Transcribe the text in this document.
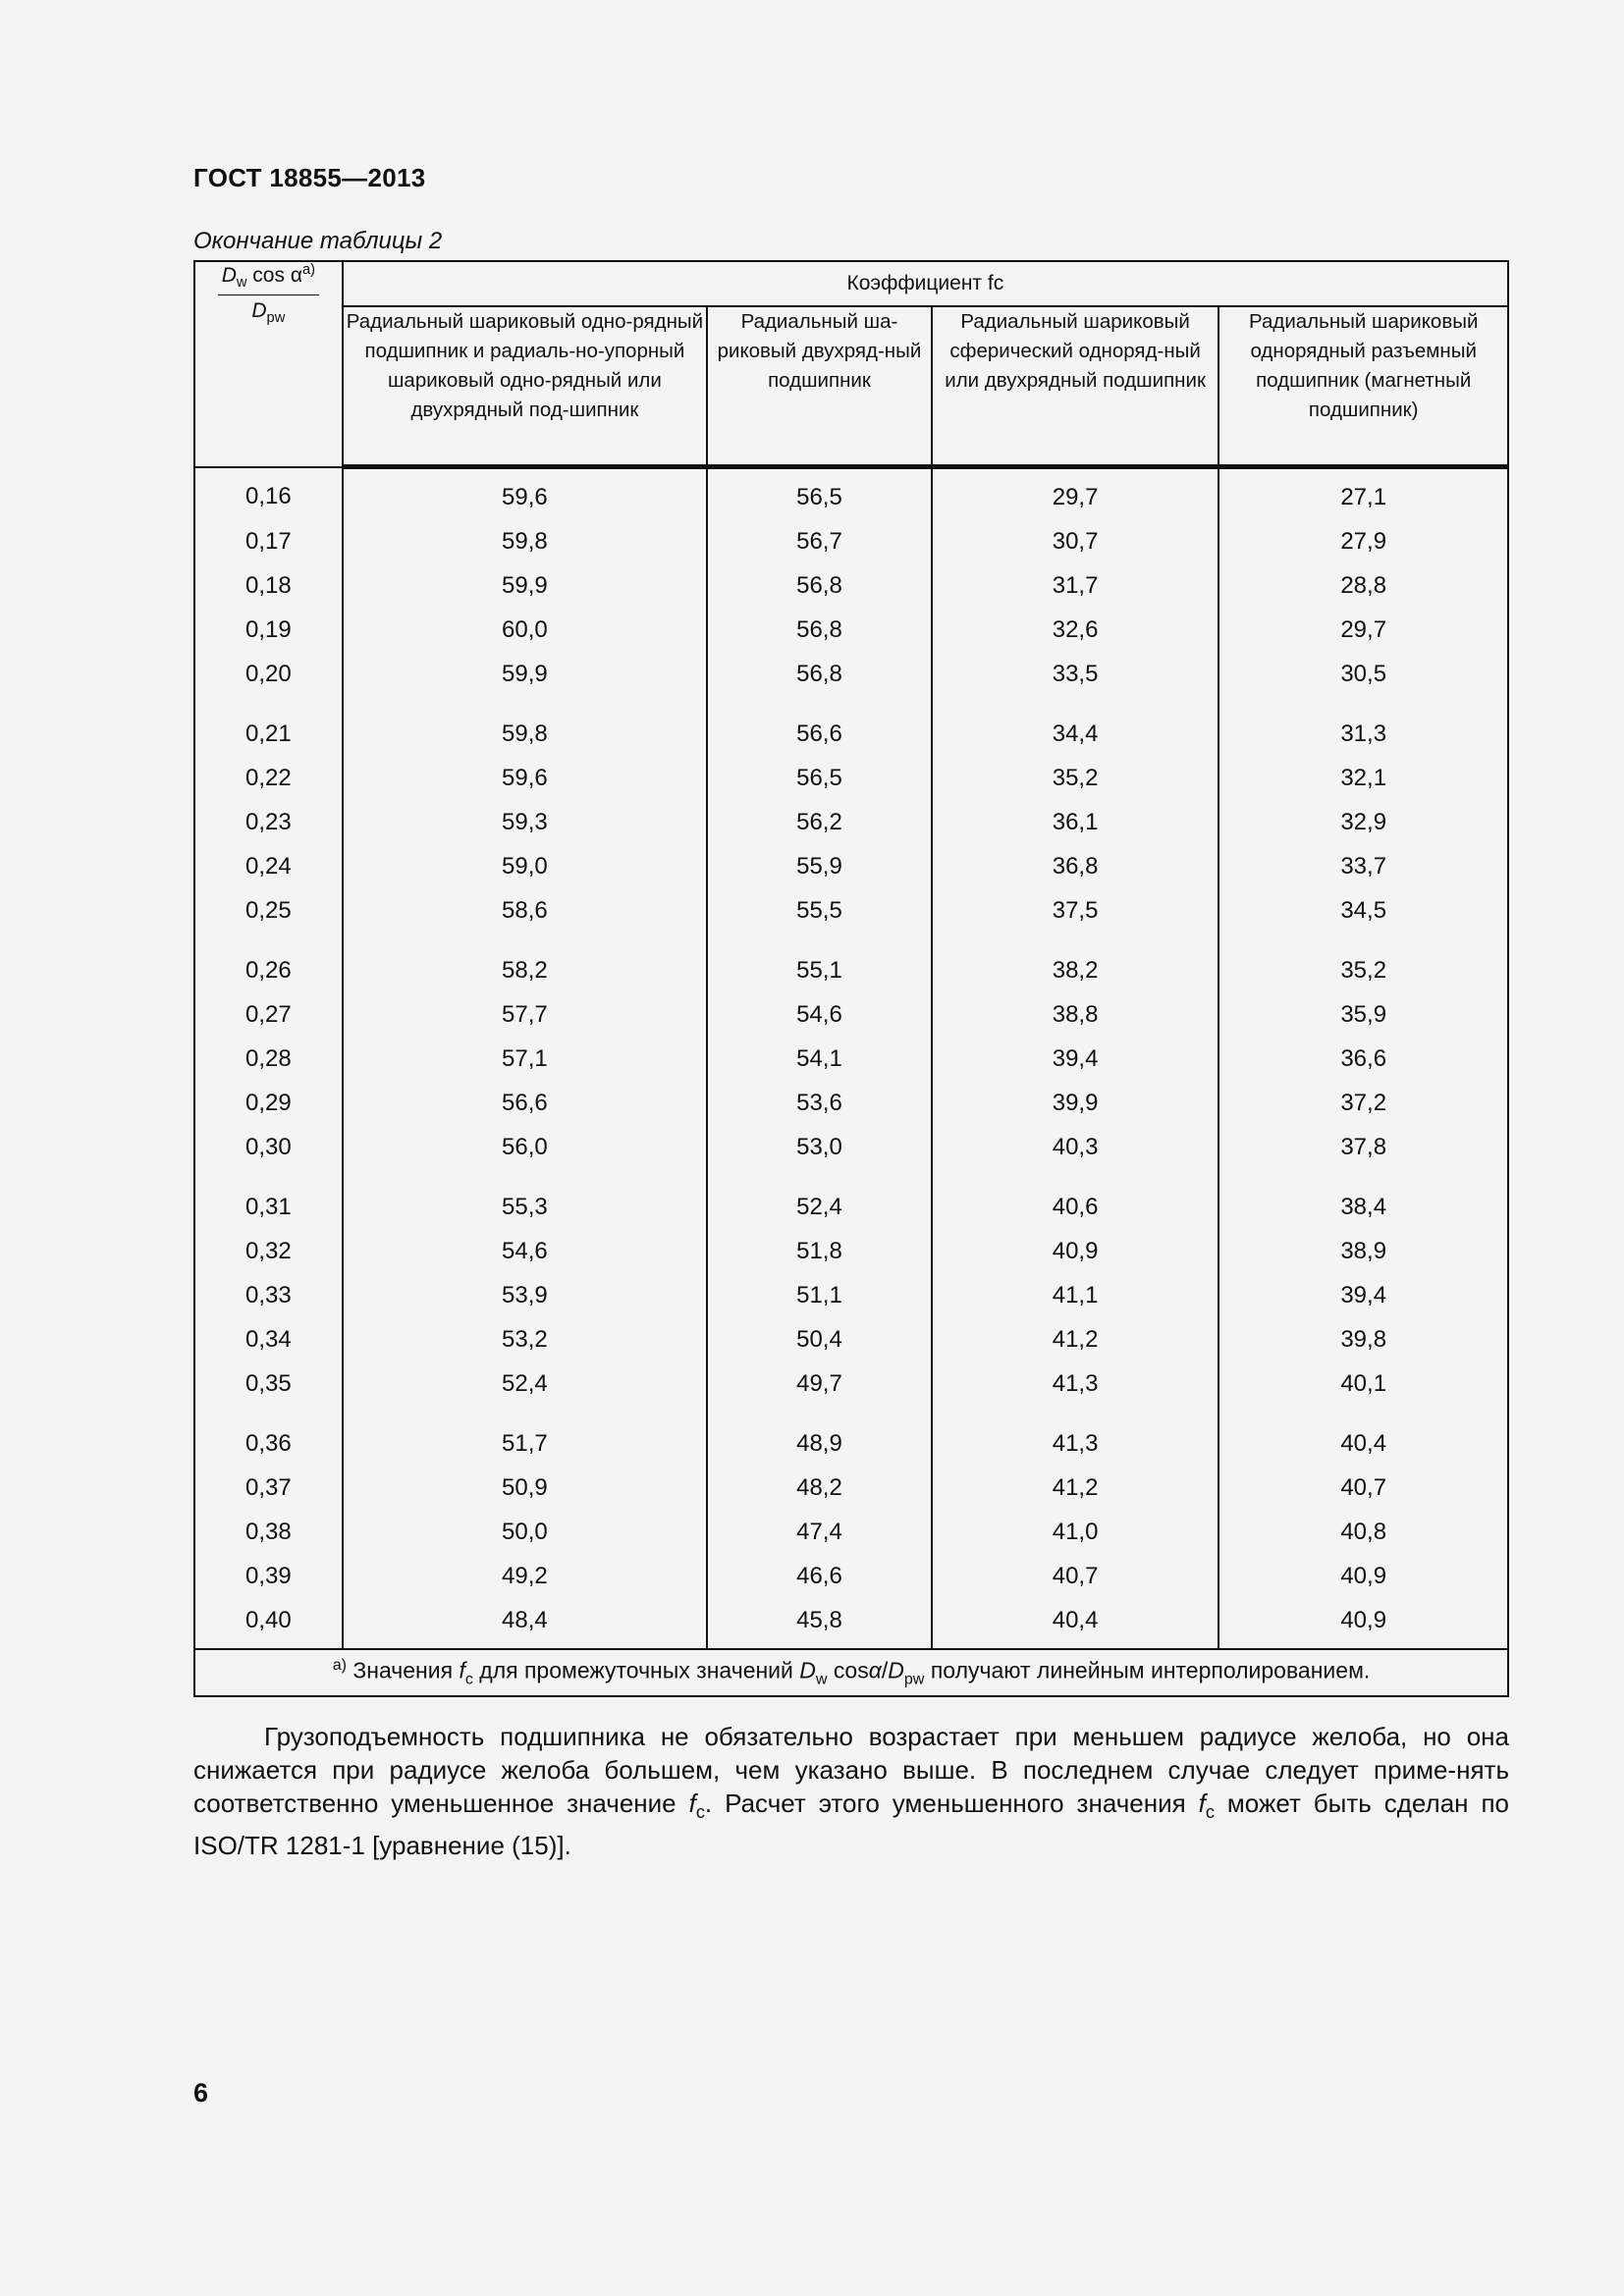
ГОСТ 18855—2013
Окончание таблицы 2
$\frac{D_w \cos \alpha^{a)}}{D_{pw}}$	Коэффициент fc			
	Радиальный шариковый одно-рядный подшипник и радиаль-но-упорный шариковый одно-рядный или двухрядный под-шипник	Радиальный ша-риковый двухряд-ный подшипник	Радиальный шариковый сферический одноряд-ный или двухрядный подшипник	Радиальный шариковый однорядный разъемный подшипник (магнетный подшипник)
0,16	59,6	56,5	29,7	27,1
0,17	59,8	56,7	30,7	27,9
0,18	59,9	56,8	31,7	28,8
0,19	60,0	56,8	32,6	29,7
0,20	59,9	56,8	33,5	30,5
0,21	59,8	56,6	34,4	31,3
0,22	59,6	56,5	35,2	32,1
0,23	59,3	56,2	36,1	32,9
0,24	59,0	55,9	36,8	33,7
0,25	58,6	55,5	37,5	34,5
0,26	58,2	55,1	38,2	35,2
0,27	57,7	54,6	38,8	35,9
0,28	57,1	54,1	39,4	36,6
0,29	56,6	53,6	39,9	37,2
0,30	56,0	53,0	40,3	37,8
0,31	55,3	52,4	40,6	38,4
0,32	54,6	51,8	40,9	38,9
0,33	53,9	51,1	41,1	39,4
0,34	53,2	50,4	41,2	39,8
0,35	52,4	49,7	41,3	40,1
0,36	51,7	48,9	41,3	40,4
0,37	50,9	48,2	41,2	40,7
0,38	50,0	47,4	41,0	40,8
0,39	49,2	46,6	40,7	40,9
0,40	48,4	45,8	40,4	40,9
$^{a)}$ Значения $f_c$ для промежуточных значений $D_w$ cosα/$D_{pw}$ получают линейным интерполированием.				

Грузоподъемность подшипника не обязательно возрастает при меньшем радиусе желоба, но она снижается при радиусе желоба большем, чем указано выше. В последнем случае следует приме-нять соответственно уменьшенное значение $f_c$. Расчет этого уменьшенного значения $f_c$ может быть сделан по ISO/TR 1281-1 [уравнение (15)].

6
